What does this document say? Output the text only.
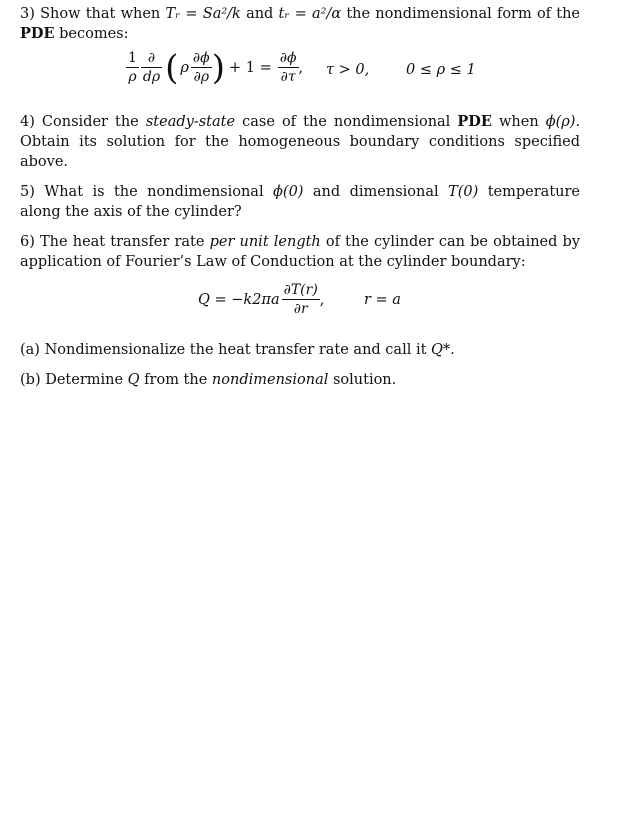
3) Show that when Tᵣ = Sa²/k and tᵣ = a²/α the nondimensional form of the PDE becomes:

$\frac{1}{\rho} \frac{\partial}{d\rho}$ ( ρ $\frac{\partial\phi}{\partial\rho}$ ) + $1 = \frac{\partial\phi}{\partial\tau}$ , τ > 0,	0 ≤ ρ ≤ 1

4) Consider the steady-state case of the nondimensional PDE when ϕ(ρ). Obtain its solution for the homogeneous boundary conditions specified above.

5) What is the nondimensional ϕ(0) and dimensional T(0) temperature along the axis of the cylinder?

6) The heat transfer rate per unit length of the cylinder can be obtained by application of Fourier’s Law of Conduction at the cylinder boundary:

$Q = -k2\pi a \frac{\partial T(r)}{\partial r}$ ,	r = a

(a) Nondimensionalize the heat transfer rate and call it Q*.

(b) Determine Q from the nondimensional solution.
